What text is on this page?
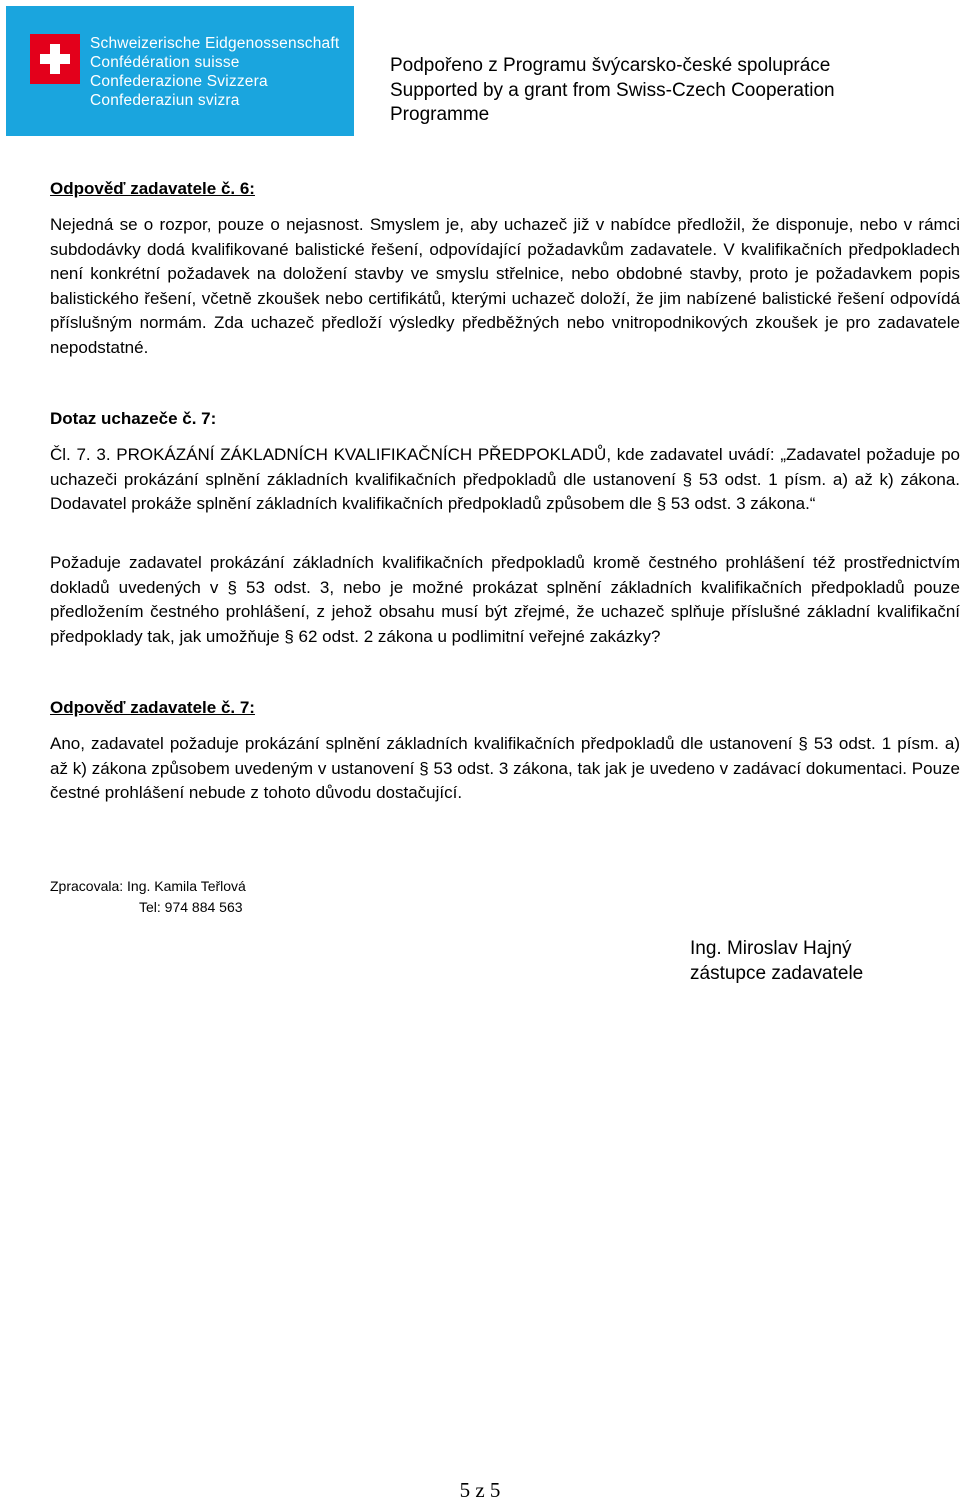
Schweizerische Eidgenossenschaft
Confédération suisse
Confederazione Svizzera
Confederaziun svizra
Podpořeno z Programu švýcarsko-české spolupráce
Supported by a grant from Swiss-Czech Cooperation
Programme
Odpověď zadavatele č. 6:
Nejedná se o rozpor, pouze o nejasnost. Smyslem je, aby uchazeč již v nabídce předložil, že disponuje, nebo v rámci subdodávky dodá kvalifikované balistické řešení, odpovídající požadavkům zadavatele. V kvalifikačních předpokladech není konkrétní požadavek na doložení stavby ve smyslu střelnice, nebo obdobné stavby, proto je požadavkem popis balistického řešení, včetně zkoušek nebo certifikátů, kterými uchazeč doloží, že jim nabízené balistické řešení odpovídá příslušným normám. Zda uchazeč předloží výsledky předběžných nebo vnitropodnikových zkoušek je pro zadavatele nepodstatné.
Dotaz uchazeče č. 7:
Čl. 7. 3. PROKÁZÁNÍ ZÁKLADNÍCH KVALIFIKAČNÍCH PŘEDPOKLADŮ, kde zadavatel uvádí: „Zadavatel požaduje po uchazeči prokázání splnění základních kvalifikačních předpokladů dle ustanovení § 53 odst. 1 písm. a) až k) zákona. Dodavatel prokáže splnění základních kvalifikačních předpokladů způsobem dle § 53 odst. 3 zákona.“
Požaduje zadavatel prokázání základních kvalifikačních předpokladů kromě čestného prohlášení též prostřednictvím dokladů uvedených v § 53 odst. 3, nebo je možné prokázat splnění základních kvalifikačních předpokladů pouze předložením čestného prohlášení, z jehož obsahu musí být zřejmé, že uchazeč splňuje příslušné základní kvalifikační předpoklady tak, jak umožňuje § 62 odst. 2 zákona u podlimitní veřejné zakázky?
Odpověď zadavatele č. 7:
Ano, zadavatel požaduje prokázání splnění základních kvalifikačních předpokladů dle ustanovení § 53 odst. 1 písm. a) až k) zákona způsobem uvedeným v ustanovení § 53 odst. 3 zákona, tak jak je uvedeno v zadávací dokumentaci. Pouze čestné prohlášení nebude z tohoto důvodu dostačující.
Zpracovala: Ing. Kamila Teřlová
Tel: 974 884 563
Ing. Miroslav Hajný
zástupce zadavatele
5 z 5
